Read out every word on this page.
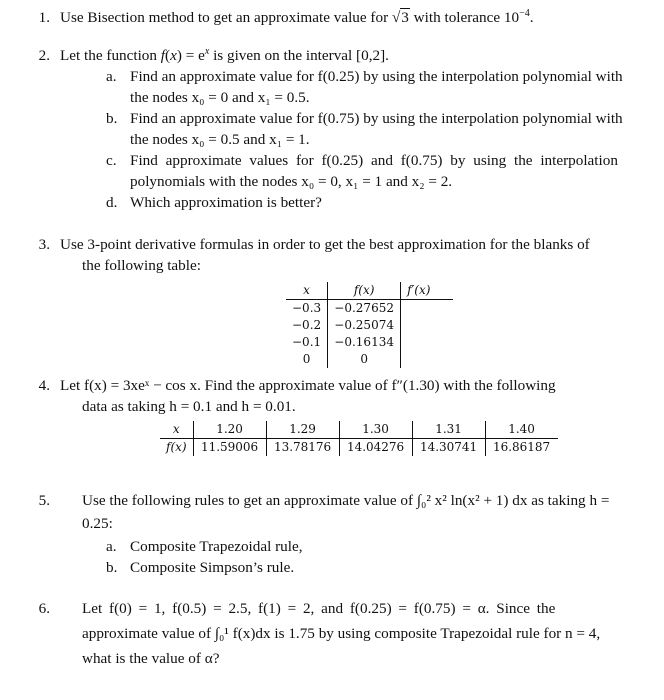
1. Use Bisection method to get an approximate value for √3 with tolerance $10^{-4}$.
2. Let the function $f(x) = e^x$ is given on the interval [0,2].
a. Find an approximate value for f(0.25) by using the interpolation polynomial with
the nodes x₀ = 0 and x₁ = 0.5.
b. Find an approximate value for f(0.75) by using the interpolation polynomial with
the nodes x₀ = 0.5 and x₁ = 1.
c. Find approximate values for f(0.25) and f(0.75) by using the interpolation
polynomials with the nodes x₀ = 0, x₁ = 1 and x₂ = 2.
d. Which approximation is better?
3. Use 3-point derivative formulas in order to get the best approximation for the blanks of
the following table:
x	f(x)	f′(x)
−0.3	−0.27652	
−0.2	−0.25074	
−0.1	−0.16134	
0	0	
4. Let f(x) = 3xeˣ − cos x. Find the approximate value of f″(1.30) with the following
data as taking h = 0.1 and h = 0.01.
x	1.20	1.29	1.30	1.31	1.40
f(x)	11.59006	13.78176	14.04276	14.30741	16.86187
5. Use the following rules to get an approximate value of ∫₀² x² ln(x² + 1) dx as taking h =
0.25:
a. Composite Trapezoidal rule,
b. Composite Simpson’s rule.
6. Let f(0) = 1, f(0.5) = 2.5, f(1) = 2, and f(0.25) = f(0.75) = α. Since the
approximate value of ∫₀¹ f(x)dx is 1.75 by using composite Trapezoidal rule for n = 4,
what is the value of α?
